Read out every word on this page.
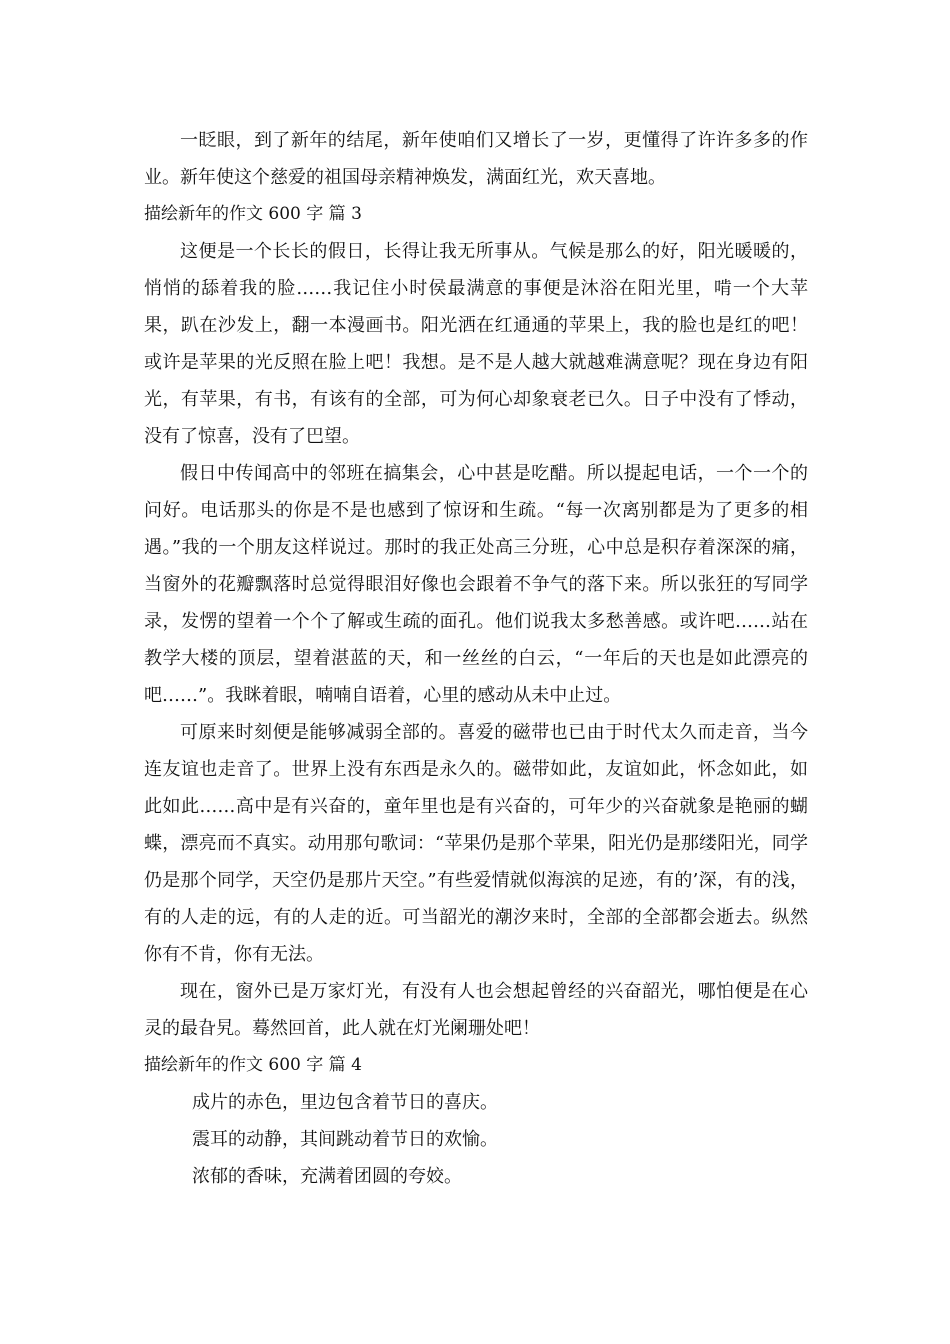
一眨眼，到了新年的结尾，新年使咱们又增长了一岁，更懂得了许许多多的作业。新年使这个慈爱的祖国母亲精神焕发，满面红光，欢天喜地。

描绘新年的作文 600 字 篇 3

这便是一个长长的假日，长得让我无所事从。气候是那么的好，阳光暖暖的，悄悄的舔着我的脸……我记住小时侯最满意的事便是沐浴在阳光里，啃一个大苹果，趴在沙发上，翻一本漫画书。阳光洒在红通通的苹果上，我的脸也是红的吧！或许是苹果的光反照在脸上吧！我想。是不是人越大就越难满意呢？现在身边有阳光，有苹果，有书，有该有的全部，可为何心却象衰老已久。日子中没有了悸动，没有了惊喜，没有了巴望。

假日中传闻高中的邻班在搞集会，心中甚是吃醋。所以提起电话，一个一个的问好。电话那头的你是不是也感到了惊讶和生疏。“每一次离别都是为了更多的相遇。”我的一个朋友这样说过。那时的我正处高三分班，心中总是积存着深深的痛，当窗外的花瓣飘落时总觉得眼泪好像也会跟着不争气的落下来。所以张狂的写同学录，发愣的望着一个个了解或生疏的面孔。他们说我太多愁善感。或许吧……站在教学大楼的顶层，望着湛蓝的天，和一丝丝的白云，“一年后的天也是如此漂亮的吧……”。我眯着眼，喃喃自语着，心里的感动从未中止过。

可原来时刻便是能够减弱全部的。喜爱的磁带也已由于时代太久而走音，当今连友谊也走音了。世界上没有东西是永久的。磁带如此，友谊如此，怀念如此，如此如此……高中是有兴奋的，童年里也是有兴奋的，可年少的兴奋就象是艳丽的蝴蝶，漂亮而不真实。动用那句歌词：“苹果仍是那个苹果，阳光仍是那缕阳光，同学仍是那个同学，天空仍是那片天空。”有些爱情就似海滨的足迹，有的’深，有的浅，有的人走的远，有的人走的近。可当韶光的潮汐来时，全部的全部都会逝去。纵然你有不肯，你有无法。

现在，窗外已是万家灯光，有没有人也会想起曾经的兴奋韶光，哪怕便是在心灵的最旮旯。蓦然回首，此人就在灯光阑珊处吧！

描绘新年的作文 600 字 篇 4
成片的赤色，里边包含着节日的喜庆。
震耳的动静，其间跳动着节日的欢愉。
浓郁的香味，充满着团圆的夸姣。
